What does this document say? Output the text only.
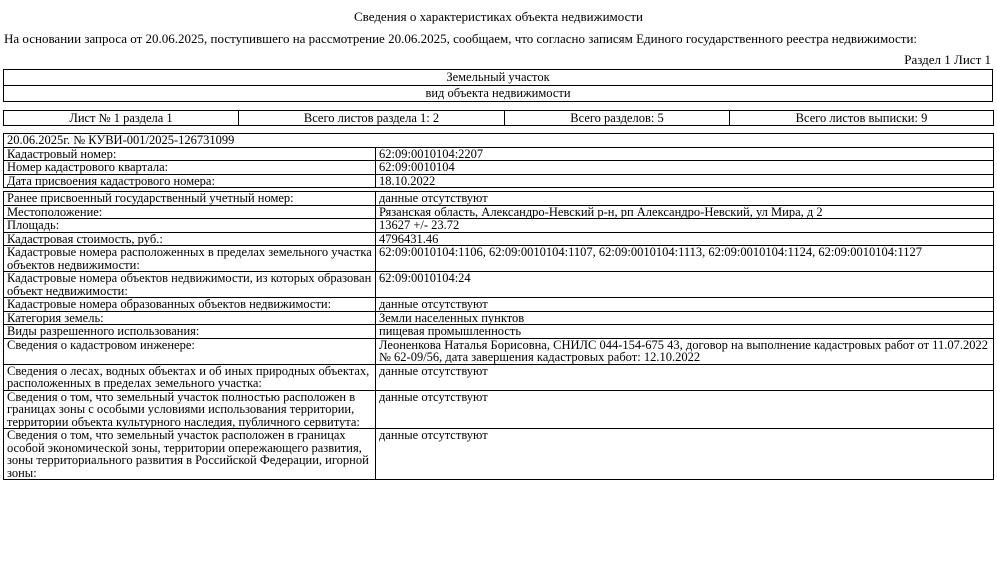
Сведения о характеристиках объекта недвижимости
На основании запроса от 20.06.2025, поступившего на рассмотрение 20.06.2025, сообщаем, что согласно записям Единого государственного реестра недвижимости:
Раздел 1 Лист 1
Земельный участок
вид объекта недвижимости
Лист № 1 раздела 1	Всего листов раздела 1: 2	Всего разделов: 5	Всего листов выписки: 9
20.06.2025г. № КУВИ-001/2025-126731099	
Кадастровый номер:	62:09:0010104:2207
Номер кадастрового квартала:	62:09:0010104
Дата присвоения кадастрового номера:	18.10.2022

Ранее присвоенный государственный учетный номер:	данные отсутствуют
Местоположение:	Рязанская область, Александро-Невский р-н, рп Александро-Невский, ул Мира, д 2
Площадь:	13627 +/- 23.72
Кадастровая стоимость, руб.:	4796431.46
Кадастровые номера расположенных в пределах земельного участка объектов недвижимости:	62:09:0010104:1106, 62:09:0010104:1107, 62:09:0010104:1113, 62:09:0010104:1124, 62:09:0010104:1127
Кадастровые номера объектов недвижимости, из которых образован объект недвижимости:	62:09:0010104:24
Кадастровые номера образованных объектов недвижимости:	данные отсутствуют
Категория земель:	Земли населенных пунктов
Виды разрешенного использования:	пищевая промышленность
Сведения о кадастровом инженере:	Леоненкова Наталья Борисовна, СНИЛС 044-154-675 43, договор на выполнение кадастровых работ от 11.07.2022 № 62-09/56, дата завершения кадастровых работ: 12.10.2022
Сведения о лесах, водных объектах и об иных природных объектах, расположенных в пределах земельного участка:	данные отсутствуют
Сведения о том, что земельный участок полностью расположен в границах зоны с особыми условиями использования территории, территории объекта культурного наследия, публичного сервитута:	данные отсутствуют
Сведения о том, что земельный участок расположен в границах особой экономической зоны, территории опережающего развития, зоны территориального развития в Российской Федерации, игорной зоны:	данные отсутствуют
